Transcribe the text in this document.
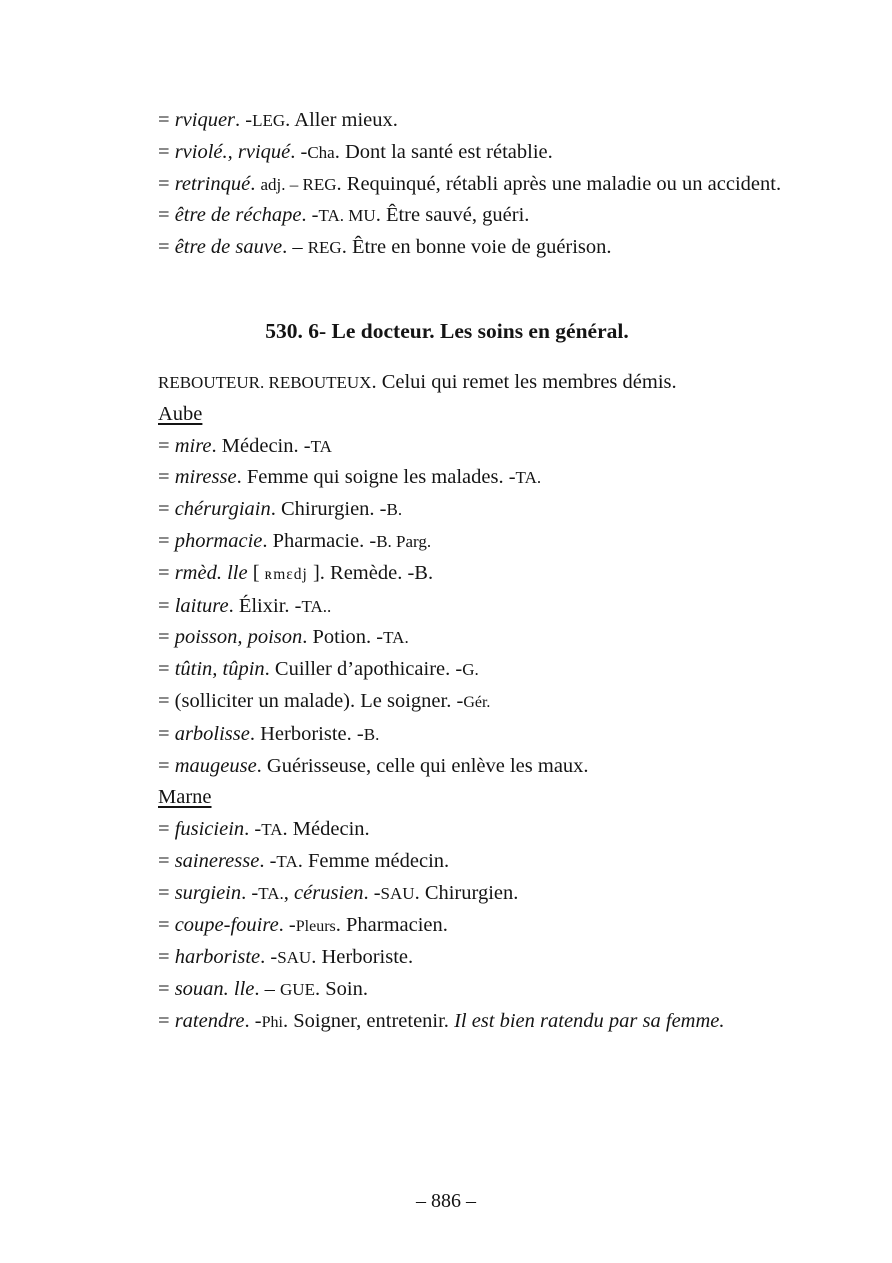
= rviquer. -LEG. Aller mieux.
= rviolé., rviqué. -Cha. Dont la santé est rétablie.
= retrinqué. adj. – REG. Requinqué, rétabli après une maladie ou un accident.
= être de réchape. -TA. MU. Être sauvé, guéri.
= être de sauve. – REG. Être en bonne voie de guérison.
530. 6- Le docteur. Les soins en général.
REBOUTEUR. REBOUTEUX. Celui qui remet les membres démis.
Aube
= mire. Médecin. -TA
= miresse. Femme qui soigne les malades. -TA.
= chérurgiain. Chirurgien. -B.
= phormacie. Pharmacie. -B. Parg.
= rmèd. lle [ ʀmɛdj ]. Remède. -B.
= laiture. Élixir. -TA..
= poisson, poison. Potion. -TA.
= tûtin, tûpin. Cuiller d’apothicaire. -G.
= (solliciter un malade). Le soigner. -Gér.
= arbolisse. Herboriste. -B.
= maugeuse. Guérisseuse, celle qui enlève les maux.
Marne
= fusiciein. -TA. Médecin.
= saineresse. -TA. Femme médecin.
= surgiein. -TA., cérusien. -SAU. Chirurgien.
= coupe-fouire. -Pleurs. Pharmacien.
= harboriste. -SAU. Herboriste.
= souan. lle. – GUE. Soin.
= ratendre. -Phi. Soigner, entretenir. Il est bien ratendu par sa femme.
– 886 –
